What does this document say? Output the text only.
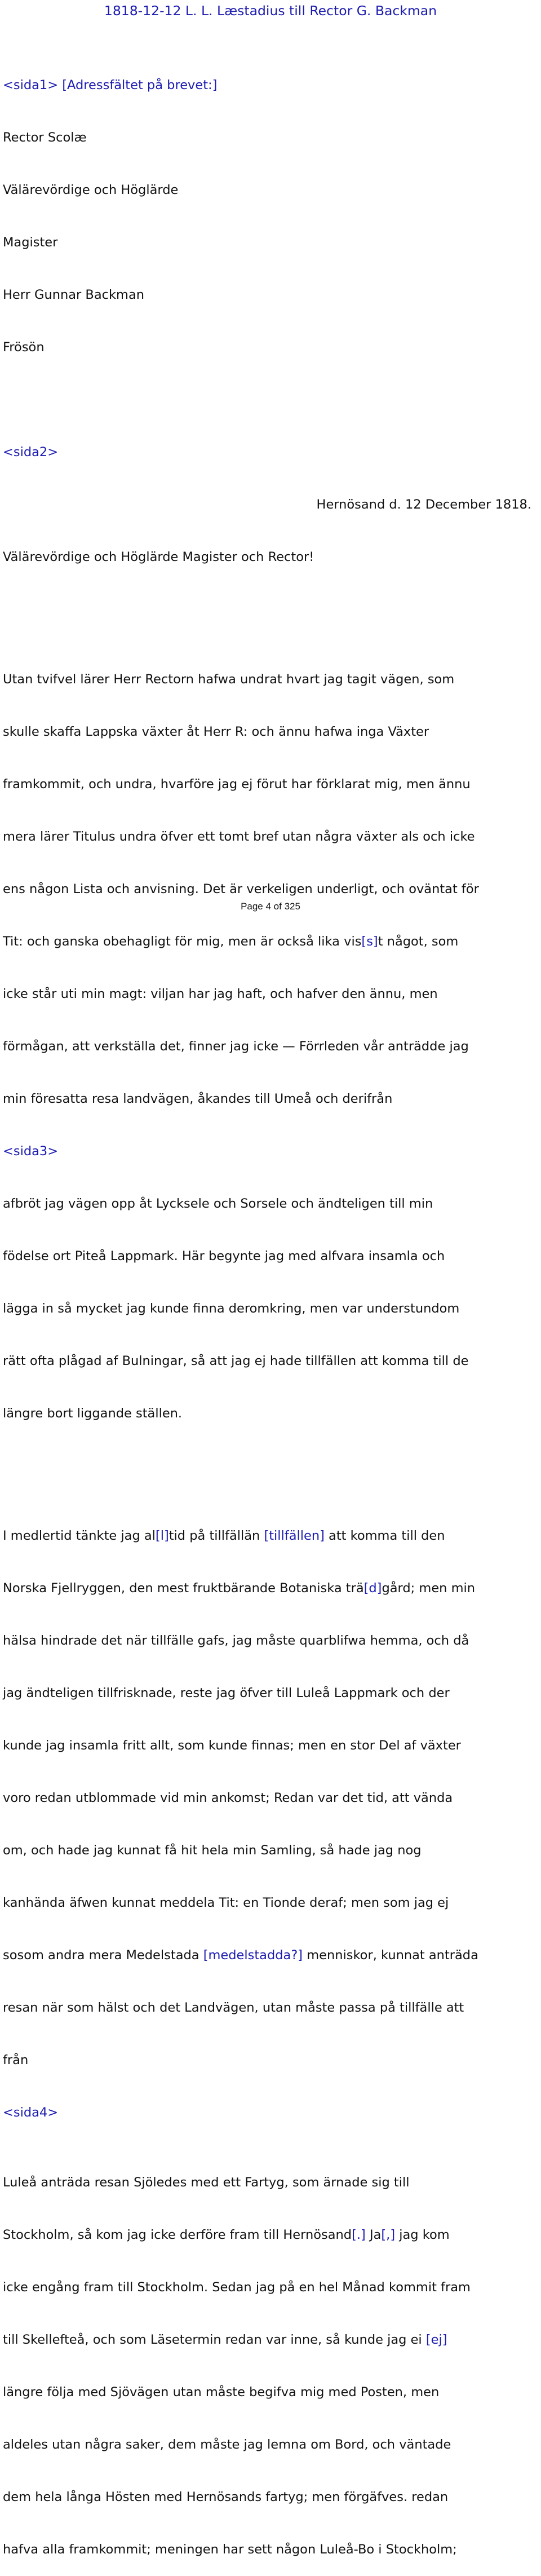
1818-12-12 L. L. Læstadius till Rector G. Backman

<sida1> [Adressfältet på brevet:]

Rector Scolæ

Välärevördige och Höglärde

Magister

Herr Gunnar Backman

Frösön

<sida2>

Hernösand d. 12 December 1818.

Välärevördige och Höglärde Magister och Rector!

Utan tvifvel lärer Herr Rectorn hafwa undrat hvart jag tagit vägen, som

skulle skaffa Lappska växter åt Herr R: och ännu hafwa inga Växter

framkommit, och undra, hvarföre jag ej förut har förklarat mig, men ännu

mera lärer Titulus undra öfver ett tomt bref utan några växter als och icke

ens någon Lista och anvisning. Det är verkeligen underligt, och oväntat för

Tit: och ganska obehagligt för mig, men är också lika vis[s]t något, som

icke står uti min magt: viljan har jag haft, och hafver den ännu, men

förmågan, att verkställa det, finner jag icke — Förrleden vår anträdde jag

min föresatta resa landvägen, åkandes till Umeå och derifrån

<sida3>

afbröt jag vägen opp åt Lycksele och Sorsele och ändteligen till min

födelse ort Piteå Lappmark. Här begynte jag med alfvara insamla och

lägga in så mycket jag kunde finna deromkring, men var understundom

rätt ofta plågad af Bulningar, så att jag ej hade tillfällen att komma till de

längre bort liggande ställen.

I medlertid tänkte jag al[l]tid på tillfällän [tillfällen] att komma till den

Norska Fjellryggen, den mest fruktbärande Botaniska trä[d]gård; men min

hälsa hindrade det när tillfälle gafs, jag måste quarblifwa hemma, och då

jag ändteligen tillfrisknade, reste jag öfver till Luleå Lappmark och der

kunde jag insamla fritt allt, som kunde finnas; men en stor Del af växter

voro redan utblommade vid min ankomst; Redan var det tid, att vända

om, och hade jag kunnat få hit hela min Samling, så hade jag nog

kanhända äfwen kunnat meddela Tit: en Tionde deraf; men som jag ej

sosom andra mera Medelstada [medelstadda?] menniskor, kunnat anträda

resan när som hälst och det Landvägen, utan måste passa på tillfälle att

från

<sida4>

Luleå anträda resan Sjöledes med ett Fartyg, som ärnade sig till

Stockholm, så kom jag icke derföre fram till Hernösand[.] Ja[,] jag kom

icke engång fram till Stockholm. Sedan jag på en hel Månad kommit fram

till Skellefteå, och som Läsetermin redan var inne, så kunde jag ei [ej]

längre följa med Sjövägen utan måste begifva mig med Posten, men

aldeles utan några saker, dem måste jag lemna om Bord, och väntade

dem hela långa Hösten med Hernösands fartyg; men förgäfves. redan

hafva alla framkommit; meningen har sett någon Luleå-Bo i Stockholm;

Page 4 of 325
